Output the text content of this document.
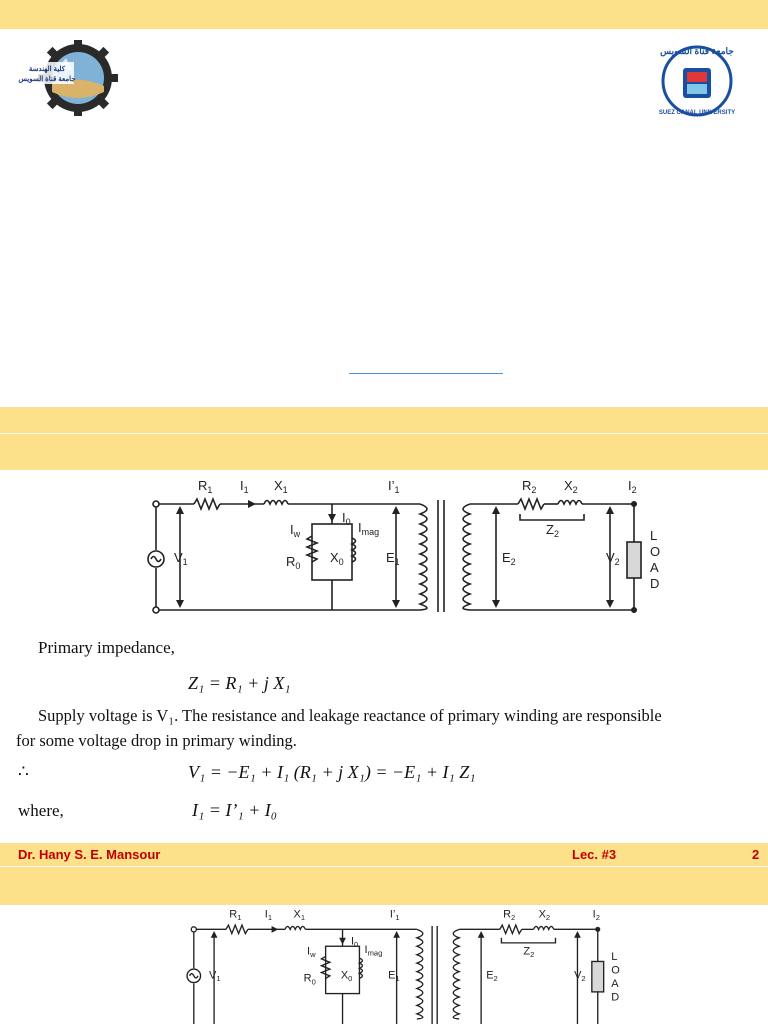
كلية الهندسة
جامعة قناة السويس
جامعة قناة السويس
SUEZ CANAL UNIVERSITY
$R_1$ $I_1$ $X_1$	$I’_1$	$R_2$ $X_2$	$I_2$
$I_0$
$I_w$	$I_{mag}$
$R_0$
$X_0$	$E_1$	$E_2$
$V_1$	$V_2$
$Z_2$	L
O
A
D
Primary impedance,
Z₁ = R₁ + j X₁
Supply voltage is V₁. The resistance and leakage reactance of primary winding are responsible
for some voltage drop in primary winding.
∴	V₁ = −E₁ + I₁ (R₁ + j X₁) = −E₁ + I₁ Z₁
where,	I₁ = I’₁ + I₀
Dr. Hany S. E. Mansour	Lec. #3	2
$R_1$ $I_1$ $X_1$	$I’_1$	$R_2$ $X_2$	$I_2$
$I_0$
$I_w$	$I_{mag}$
$R_0$
$X_0$	$E_1$	$E_2$
$V_1$	$V_2$
$Z_2$	L
O
A
D
